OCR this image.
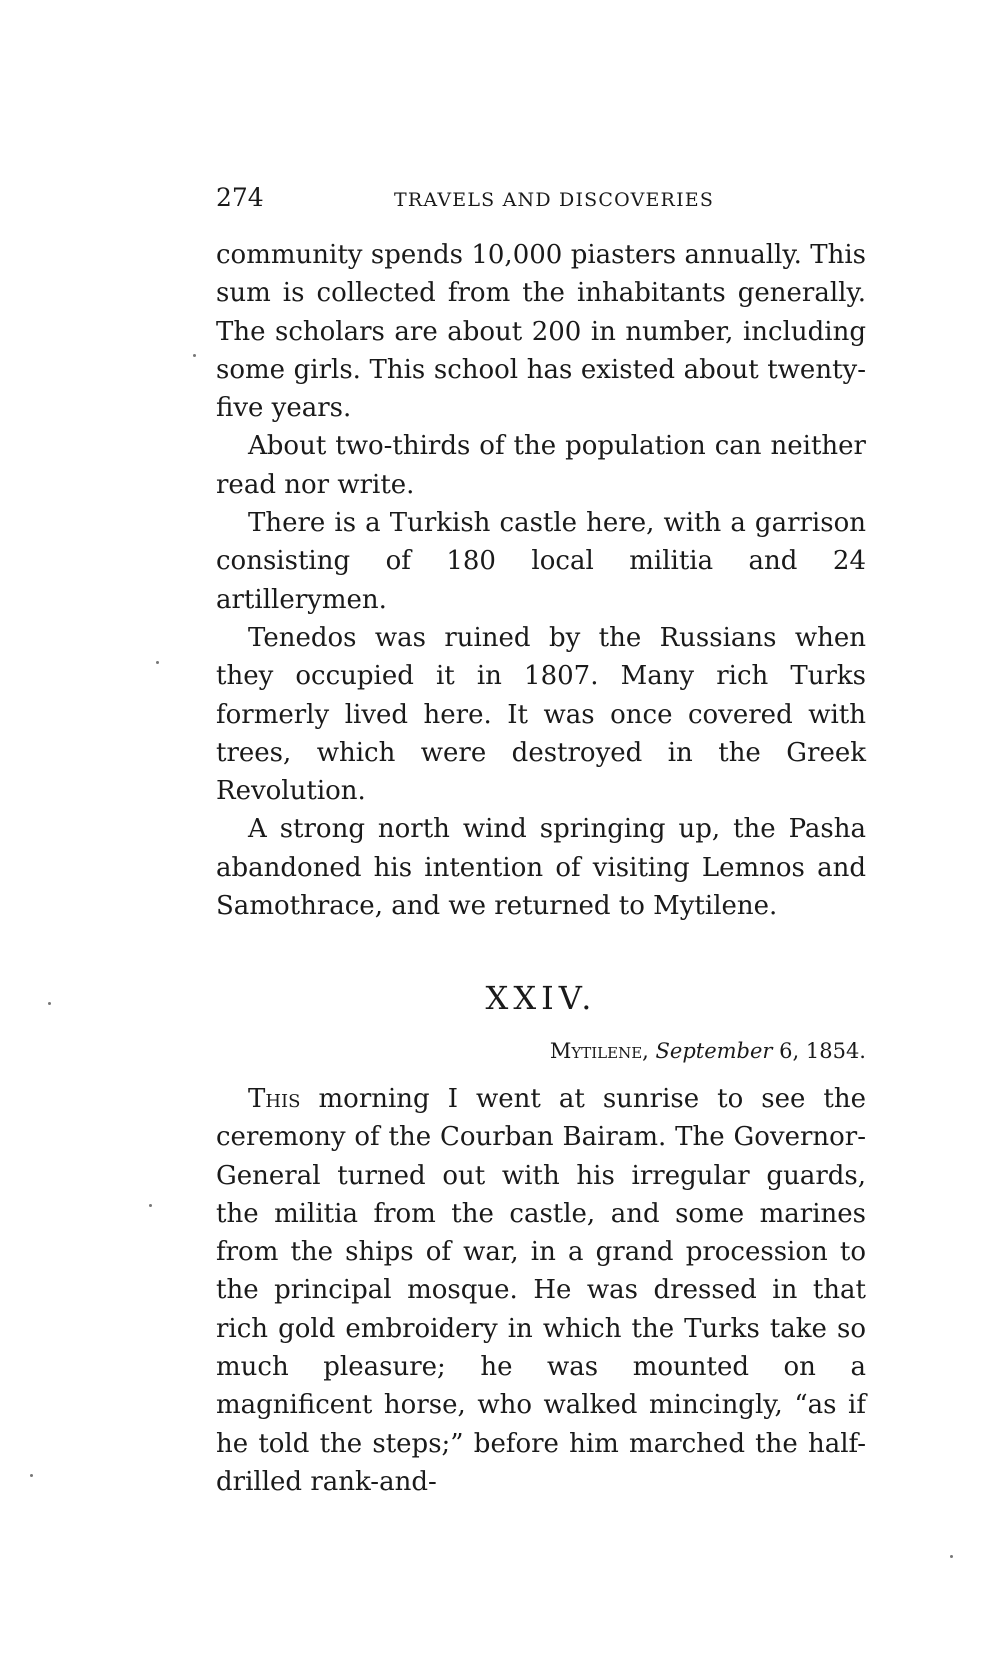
274	TRAVELS AND DISCOVERIES

community spends 10,000 piasters annually. This sum is collected from the inhabitants generally. The scholars are about 200 in number, including some girls. This school has existed about twenty-five years.

About two-thirds of the population can neither read nor write.

There is a Turkish castle here, with a garrison consisting of 180 local militia and 24 artillerymen.

Tenedos was ruined by the Russians when they occupied it in 1807. Many rich Turks formerly lived here. It was once covered with trees, which were destroyed in the Greek Revolution.

A strong north wind springing up, the Pasha abandoned his intention of visiting Lemnos and Samothrace, and we returned to Mytilene.

XXIV.
Mytilene, September 6, 1854.

This morning I went at sunrise to see the ceremony of the Courban Bairam. The Governor-General turned out with his irregular guards, the militia from the castle, and some marines from the ships of war, in a grand procession to the principal mosque. He was dressed in that rich gold embroidery in which the Turks take so much pleasure; he was mounted on a magnificent horse, who walked mincingly, “as if he told the steps;” before him marched the half-drilled rank-and-
